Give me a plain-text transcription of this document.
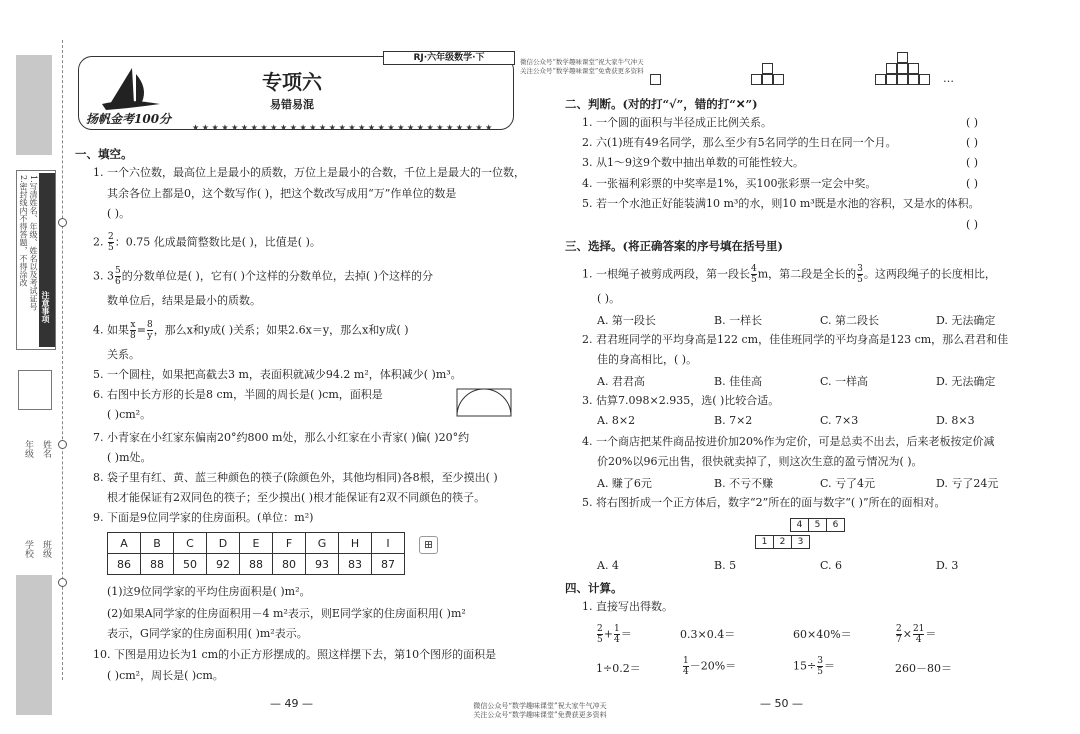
注意事项
1.写清姓名、年级、姓名以及考试证号
2.密封线内不得答题，不得涂改
年级
学校
姓名
班级
RJ·六年级数学·下	微信公众号“数学趣味课堂”祝大家牛气冲天
关注公众号“数学趣味课堂”免费获更多资料
扬帆金考100分
专项六
易错易混
★★★★★★★★★★★★★★★★★★★★★★★★★★★★★★★
一、填空。
1. 一个六位数，最高位上是最小的质数，万位上是最小的合数，千位上是最大的一位数，
其余各位上都是0，这个数写作( )，把这个数改写成用“万”作单位的数是
( )。
2. $\frac{2}{5}$ ：0.75 化成最简整数比是( )，比值是( )。
3. $3 \frac{5}{6}$ 的分数单位是( )，它有( )个这样的分数单位，去掉( )个这样的分
数单位后，结果是最小的质数。
4. 如果 $\frac{x}{8} = \frac{8}{y}$ ，那么x和y成( )关系；如果2.6x＝y，那么x和y成( )
关系。
5. 一个圆柱，如果把高截去3 m，表面积就减少94.2 m²，体积减少( )m³。
6. 右图中长方形的长是8 cm，半圆的周长是( )cm，面积是
( )cm²。
7. 小青家在小红家东偏南20°约800 m处，那么小红家在小青家( )偏( )20°约
( )m处。
8. 袋子里有红、黄、蓝三种颜色的筷子(除颜色外，其他均相同)各8根，至少摸出( )
根才能保证有2双同色的筷子；至少摸出( )根才能保证有2双不同颜色的筷子。
9. 下面是9位同学家的住房面积。(单位：m²)
A	B	C	D	E	F	G	H	I
86	88	50	92	88	80	93	83	87
⊞
(1)这9位同学家的平均住房面积是( )m²。
(2)如果A同学家的住房面积用－4 m²表示，则E同学家的住房面积用( )m²
表示，G同学家的住房面积用( )m²表示。
10. 下图是用边长为1 cm的小正方形摆成的。照这样摆下去，第10个图形的面积是
( )cm²，周长是( )cm。
…
二、判断。(对的打“√”，错的打“✕”)
1. 一个圆的面积与半径成正比例关系。	( )
2. 六(1)班有49名同学，那么至少有5名同学的生日在同一个月。	( )
3. 从1～9这9个数中抽出单数的可能性较大。	( )
4. 一张福利彩票的中奖率是1%，买100张彩票一定会中奖。	( )
5. 若一个水池正好能装满10 m³的水，则10 m³既是水池的容积，又是水的体积。
( )
三、选择。(将正确答案的序号填在括号里)
1. 一根绳子被剪成两段，第一段长 $\frac{4}{5}$ m，第二段是全长的 $\frac{3}{5}$ 。这两段绳子的长度相比，
( )。
A. 第一段长	B. 一样长	C. 第二段长	D. 无法确定
2. 君君班同学的平均身高是122 cm，佳佳班同学的平均身高是123 cm，那么君君和佳
佳的身高相比，( )。
A. 君君高	B. 佳佳高	C. 一样高	D. 无法确定
3. 估算7.098×2.935，选( )比较合适。
A. 8×2	B. 7×2	C. 7×3	D. 8×3
4. 一个商店把某件商品按进价加20%作为定价，可是总卖不出去，后来老板按定价减
价20%以96元出售，很快就卖掉了，则这次生意的盈亏情况为( )。
A. 赚了6元	B. 不亏不赚	C. 亏了4元	D. 亏了24元
5. 将右图折成一个正方体后，数字“2”所在的面与数字“( )”所在的面相对。
4	5	6
1	2	3
A. 4	B. 5	C. 6	D. 3
四、计算。
1. 直接写出得数。
$\frac{2}{5} + \frac{1}{4}$ ＝	0.3×0.4＝	60×40%＝	$\frac{2}{7} \times \frac{21}{4}$ ＝
1÷0.2＝	$\frac{1}{4} -20\%=$	$15\div \frac{3}{5}$ ＝	260－80＝
— 49 —	— 50 —
微信公众号“数学趣味课堂”祝大家牛气冲天
关注公众号“数学趣味课堂”免费获更多资料
